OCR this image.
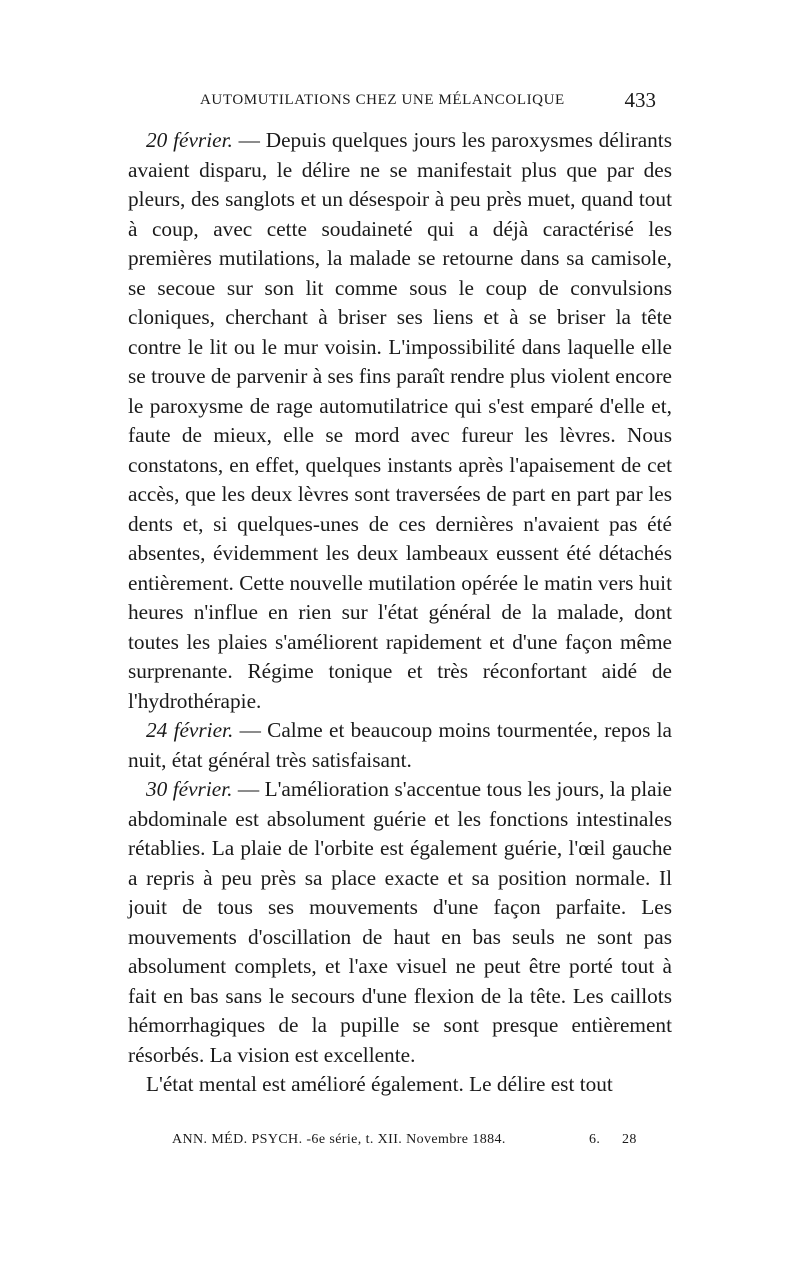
AUTOMUTILATIONS CHEZ UNE MÉLANCOLIQUE	433

20 février. — Depuis quelques jours les paroxysmes délirants avaient disparu, le délire ne se manifestait plus que par des pleurs, des sanglots et un désespoir à peu près muet, quand tout à coup, avec cette soudaineté qui a déjà caractérisé les premières mutilations, la malade se retourne dans sa camisole, se secoue sur son lit comme sous le coup de convulsions cloniques, cherchant à briser ses liens et à se briser la tête contre le lit ou le mur voisin. L'impossibilité dans laquelle elle se trouve de parvenir à ses fins paraît rendre plus violent encore le paroxysme de rage automutilatrice qui s'est emparé d'elle et, faute de mieux, elle se mord avec fureur les lèvres. Nous constatons, en effet, quelques instants après l'apaisement de cet accès, que les deux lèvres sont traversées de part en part par les dents et, si quelques-unes de ces dernières n'avaient pas été absentes, évidemment les deux lambeaux eussent été détachés entièrement. Cette nouvelle mutilation opérée le matin vers huit heures n'influe en rien sur l'état général de la malade, dont toutes les plaies s'améliorent rapidement et d'une façon même surprenante. Régime tonique et très réconfortant aidé de l'hydrothérapie.

24 février. — Calme et beaucoup moins tourmentée, repos la nuit, état général très satisfaisant.

30 février. — L'amélioration s'accentue tous les jours, la plaie abdominale est absolument guérie et les fonctions intestinales rétablies. La plaie de l'orbite est également guérie, l'œil gauche a repris à peu près sa place exacte et sa position normale. Il jouit de tous ses mouvements d'une façon parfaite. Les mouvements d'oscillation de haut en bas seuls ne sont pas absolument complets, et l'axe visuel ne peut être porté tout à fait en bas sans le secours d'une flexion de la tête. Les caillots hémorrhagiques de la pupille se sont presque entièrement résorbés. La vision est excellente.

L'état mental est amélioré également. Le délire est tout

ANN. MÉD. PSYCH. -6e série, t. XII. Novembre 1884.	6. 28
